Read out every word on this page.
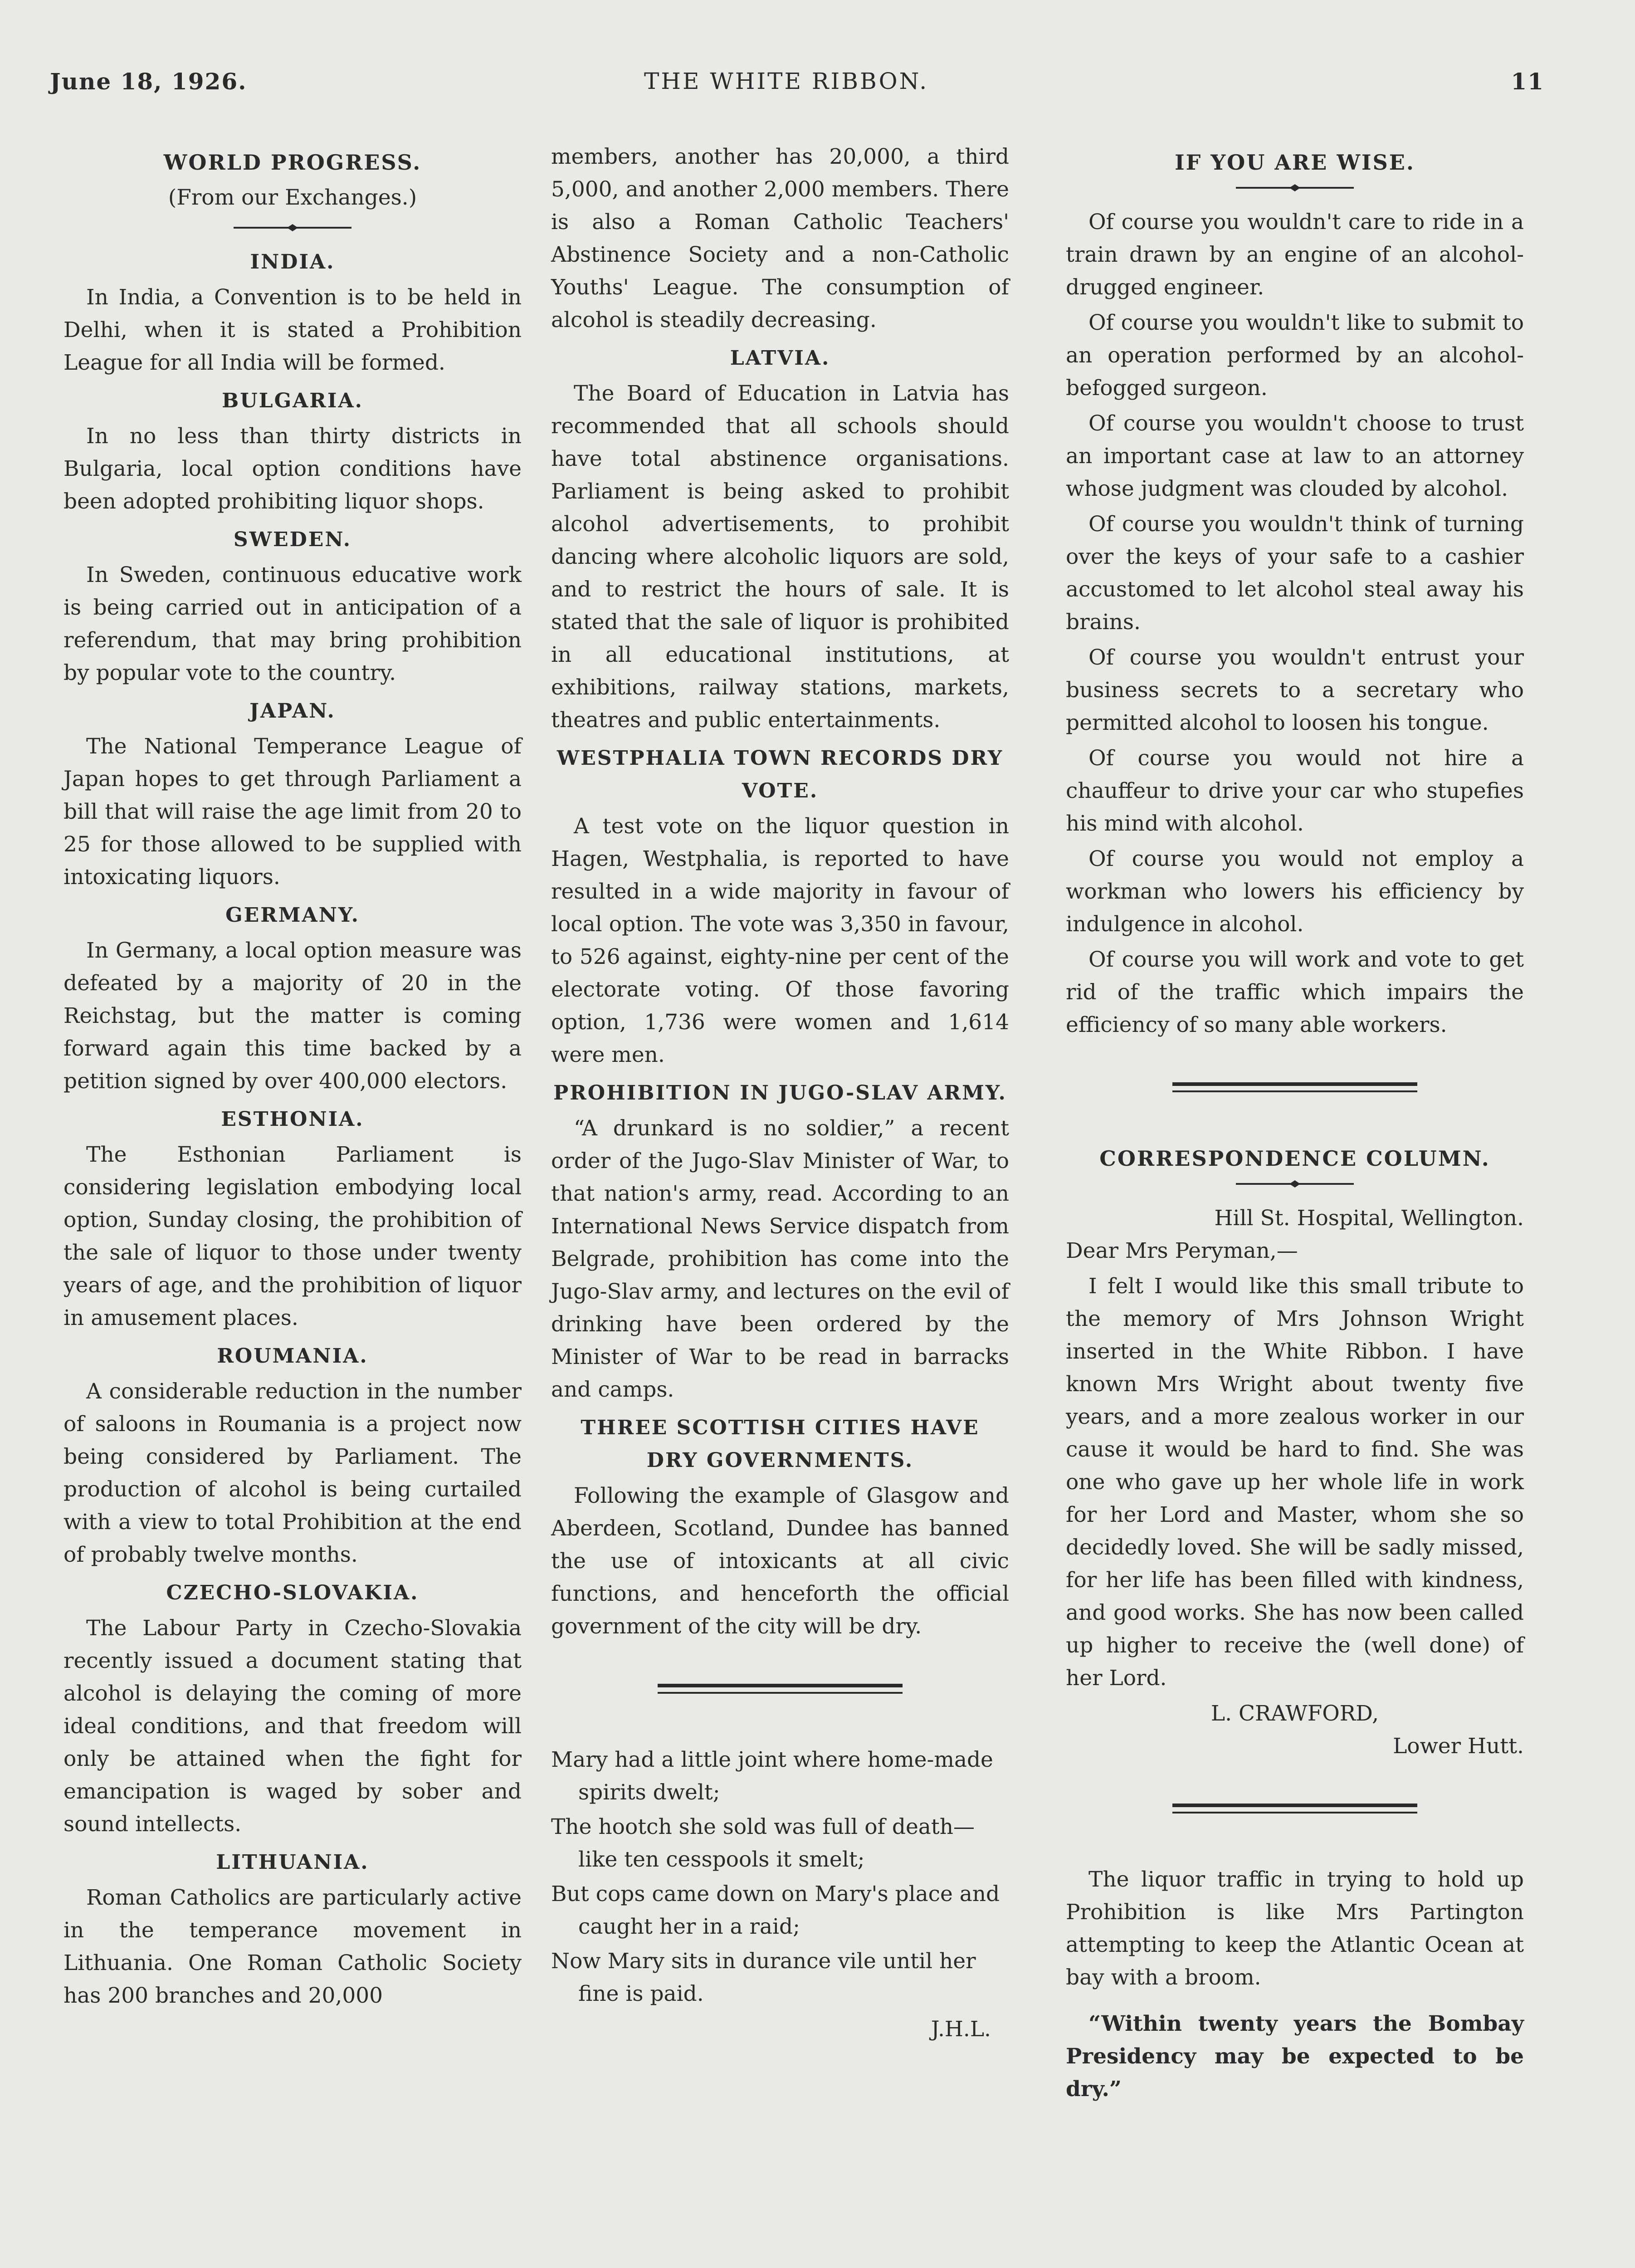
June 18, 1926.	THE WHITE RIBBON.	11
WORLD PROGRESS.
(From our Exchanges.)
INDIA.

In India, a Convention is to be held in Delhi, when it is stated a Prohibition League for all India will be formed.

BULGARIA.

In no less than thirty districts in Bulgaria, local option conditions have been adopted prohibiting liquor shops.

SWEDEN.

In Sweden, continuous educative work is being carried out in anticipation of a referendum, that may bring prohibition by popular vote to the country.

JAPAN.

The National Temperance League of Japan hopes to get through Parliament a bill that will raise the age limit from 20 to 25 for those allowed to be supplied with intoxicating liquors.

GERMANY.

In Germany, a local option measure was defeated by a majority of 20 in the Reichstag, but the matter is coming forward again this time backed by a petition signed by over 400,000 electors.

ESTHONIA.

The Esthonian Parliament is considering legislation embodying local option, Sunday closing, the prohibition of the sale of liquor to those under twenty years of age, and the prohibition of liquor in amusement places.

ROUMANIA.

A considerable reduction in the number of saloons in Roumania is a project now being considered by Parliament. The production of alcohol is being curtailed with a view to total Prohibition at the end of probably twelve months.

CZECHO-SLOVAKIA.

The Labour Party in Czecho-Slovakia recently issued a document stating that alcohol is delaying the coming of more ideal conditions, and that freedom will only be attained when the fight for emancipation is waged by sober and sound intellects.

LITHUANIA.

Roman Catholics are particularly active in the temperance movement in Lithuania. One Roman Catholic Society has 200 branches and 20,000

members, another has 20,000, a third 5,000, and another 2,000 members. There is also a Roman Catholic Teachers' Abstinence Society and a non-Catholic Youths' League. The consumption of alcohol is steadily decreasing.

LATVIA.

The Board of Education in Latvia has recommended that all schools should have total abstinence organisations. Parliament is being asked to prohibit alcohol advertisements, to prohibit dancing where alcoholic liquors are sold, and to restrict the hours of sale. It is stated that the sale of liquor is prohibited in all educational institutions, at exhibitions, railway stations, markets, theatres and public entertainments.

WESTPHALIA TOWN RECORDS DRY VOTE.

A test vote on the liquor question in Hagen, Westphalia, is reported to have resulted in a wide majority in favour of local option. The vote was 3,350 in favour, to 526 against, eighty-nine per cent of the electorate voting. Of those favoring option, 1,736 were women and 1,614 were men.

PROHIBITION IN JUGO-SLAV ARMY.

“A drunkard is no soldier,” a recent order of the Jugo-Slav Minister of War, to that nation's army, read. According to an International News Service dispatch from Belgrade, prohibition has come into the Jugo-Slav army, and lectures on the evil of drinking have been ordered by the Minister of War to be read in barracks and camps.

THREE SCOTTISH CITIES HAVE DRY GOVERNMENTS.

Following the example of Glasgow and Aberdeen, Scotland, Dundee has banned the use of intoxicants at all civic functions, and henceforth the official government of the city will be dry.

Mary had a little joint where home-made spirits dwelt;

The hootch she sold was full of death—like ten cesspools it smelt;

But cops came down on Mary's place and caught her in a raid;

Now Mary sits in durance vile until her fine is paid.

J.H.L.
IF YOU ARE WISE.

Of course you wouldn't care to ride in a train drawn by an engine of an alcohol-drugged engineer.

Of course you wouldn't like to submit to an operation performed by an alcohol-befogged surgeon.

Of course you wouldn't choose to trust an important case at law to an attorney whose judgment was clouded by alcohol.

Of course you wouldn't think of turning over the keys of your safe to a cashier accustomed to let alcohol steal away his brains.

Of course you wouldn't entrust your business secrets to a secretary who permitted alcohol to loosen his tongue.

Of course you would not hire a chauffeur to drive your car who stupefies his mind with alcohol.

Of course you would not employ a workman who lowers his efficiency by indulgence in alcohol.

Of course you will work and vote to get rid of the traffic which impairs the efficiency of so many able workers.

CORRESPONDENCE COLUMN.
Hill St. Hospital, Wellington.

Dear Mrs Peryman,—

I felt I would like this small tribute to the memory of Mrs Johnson Wright inserted in the White Ribbon. I have known Mrs Wright about twenty five years, and a more zealous worker in our cause it would be hard to find. She was one who gave up her whole life in work for her Lord and Master, whom she so decidedly loved. She will be sadly missed, for her life has been filled with kindness, and good works. She has now been called up higher to receive the (well done) of her Lord.

L. CRAWFORD,
Lower Hutt.

The liquor traffic in trying to hold up Prohibition is like Mrs Partington attempting to keep the Atlantic Ocean at bay with a broom.

“Within twenty years the Bombay Presidency may be expected to be dry.”
